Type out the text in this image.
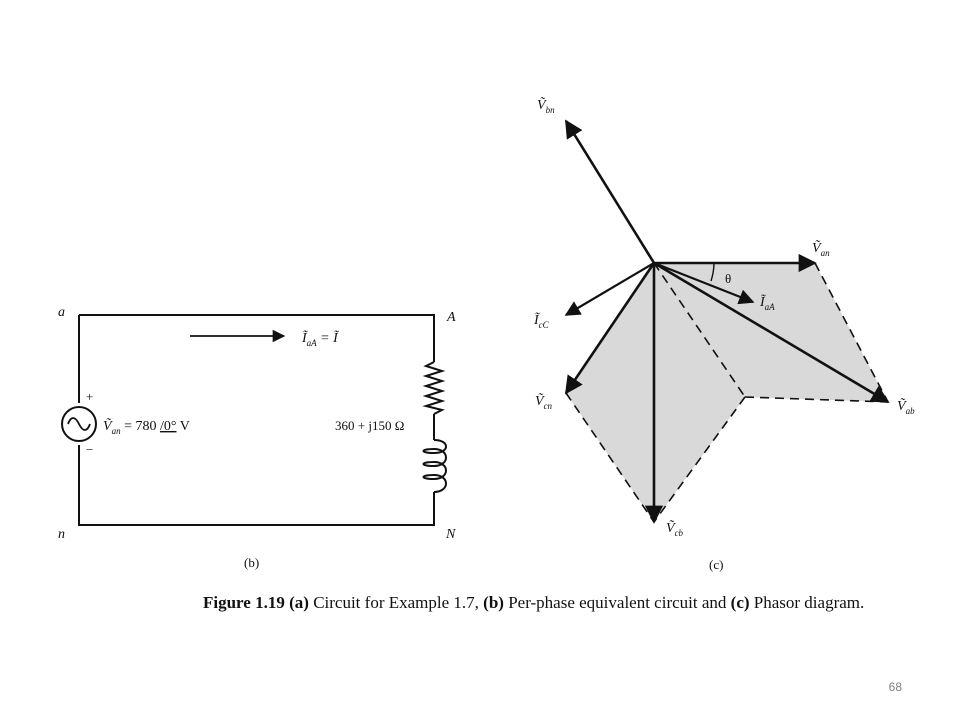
a	A
n	N
+
−
$Ĩ_{aA}$ = Ĩ
Ṽ$_{an}$ = 780 /0° V	360 + j150 Ω
(b)
Ṽ$_{bn}$
Ṽ$_{an}$
Ṽ$_{ab}$
Ṽ$_{cn}$
Ṽ$_{cb}$
$Ĩ_{aA}$
$Ĩ_{cC}$
θ
(c)
Figure 1.19 (a) Circuit for Example 1.7, (b) Per-phase equivalent circuit and (c) Phasor diagram.
68
